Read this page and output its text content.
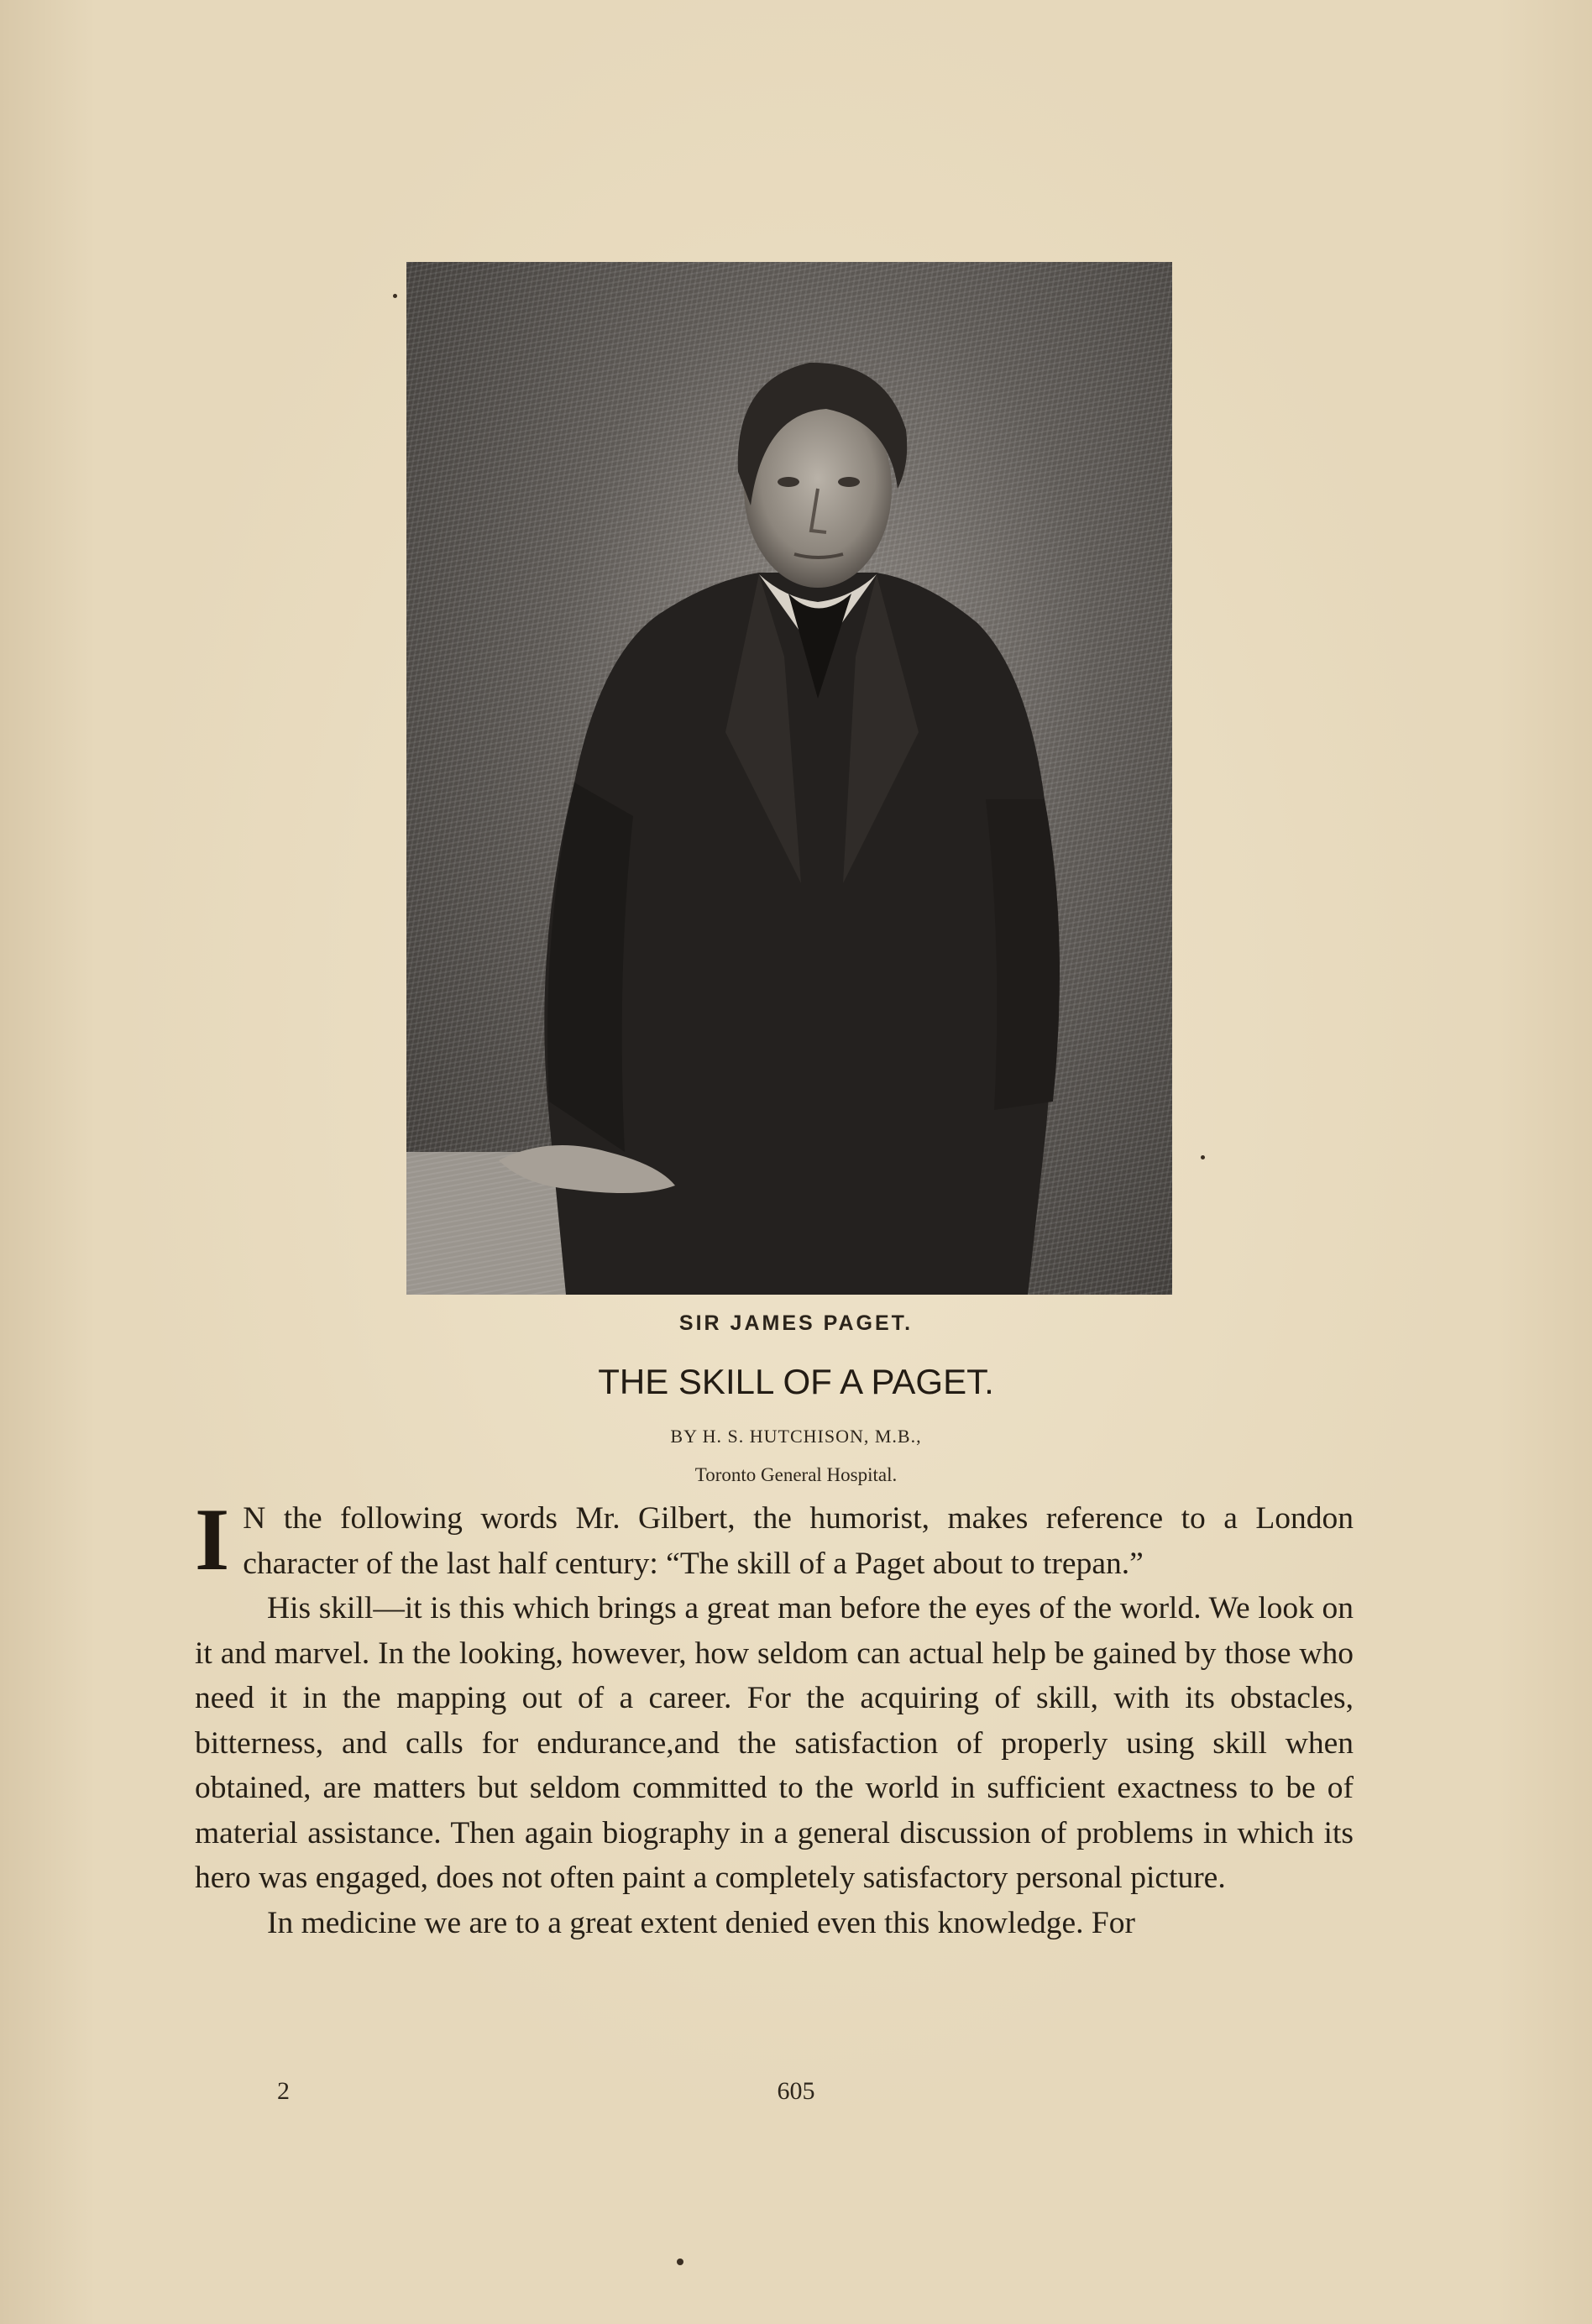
SIR JAMES PAGET.
THE SKILL OF A PAGET.
BY H. S. HUTCHISON, M.B.,
Toronto General Hospital.

I N the following words Mr. Gilbert, the humorist, makes reference to a London character of the last half century: “The skill of a Paget about to trepan.”

His skill—it is this which brings a great man before the eyes of the world. We look on it and marvel. In the looking, however, how seldom can actual help be gained by those who need it in the mapping out of a career. For the acquiring of skill, with its obstacles, bitterness, and calls for endurance,and the satisfaction of properly using skill when obtained, are matters but seldom committed to the world in sufficient exactness to be of material assistance. Then again biography in a general discussion of problems in which its hero was engaged, does not often paint a completely satisfactory personal picture.

In medicine we are to a great extent denied even this knowledge. For

2	605
